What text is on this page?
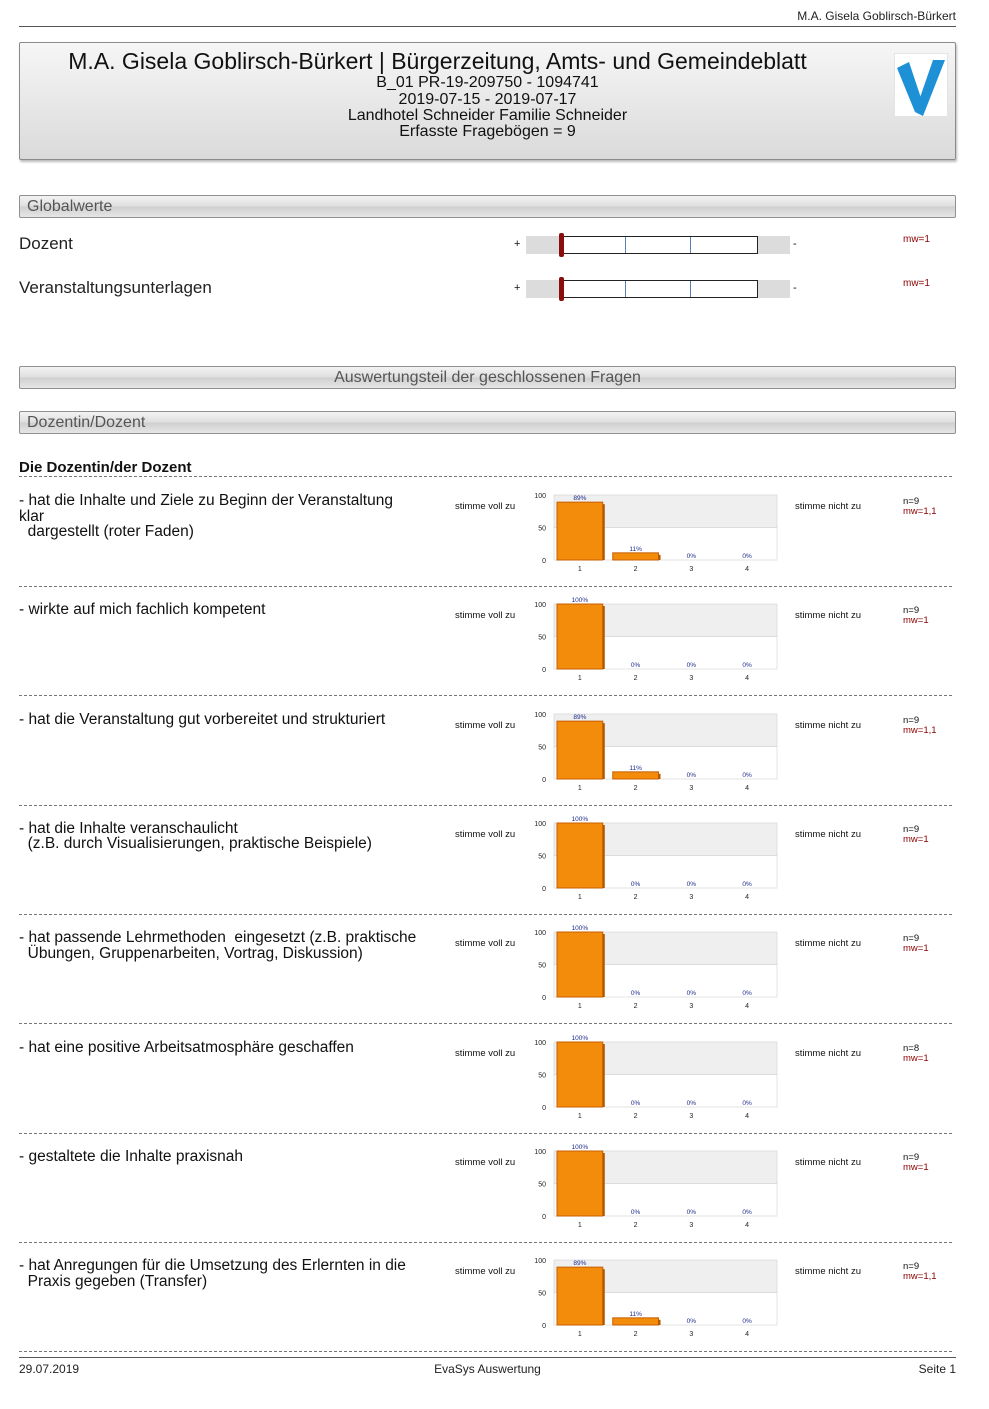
M.A. Gisela Goblirsch-Bürkert
M.A. Gisela Goblirsch-Bürkert | Bürgerzeitung, Amts- und Gemeindeblatt
B_01 PR-19-209750 - 1094741
2019-07-15 - 2019-07-17
Landhotel Schneider Familie Schneider
Erfasste Fragebögen = 9
Globalwerte
Dozent	+	-	mw=1
Veranstaltungsunterlagen	+	-	mw=1
Auswertungsteil der geschlossenen Fragen
Dozentin/Dozent
Die Dozentin/der Dozent
- hat die Inhalte und Ziele zu Beginn der Veranstaltung klar
dargestellt (roter Faden)
stimme voll zu	stimme nicht zu	n=9
mw=1,1
100
50
0
89%
1
11%
2
0%
3
0%
4
- wirkte auf mich fachlich kompetent	stimme voll zu	stimme nicht zu	n=9
mw=1
100
50
0
100%
1
0%
2
0%
3
0%
4
- hat die Veranstaltung gut vorbereitet und strukturiert	stimme voll zu	stimme nicht zu	n=9
mw=1,1
100
50
0
89%
1
11%
2
0%
3
0%
4
- hat die Inhalte veranschaulicht
(z.B. durch Visualisierungen, praktische Beispiele)
stimme voll zu	stimme nicht zu	n=9
mw=1
100
50
0
100%
1
0%
2
0%
3
0%
4
- hat passende Lehrmethoden  eingesetzt (z.B. praktische
Übungen, Gruppenarbeiten, Vortrag, Diskussion)
stimme voll zu	stimme nicht zu	n=9
mw=1
100
50
0
100%
1
0%
2
0%
3
0%
4
- hat eine positive Arbeitsatmosphäre geschaffen	stimme voll zu	stimme nicht zu	n=8
mw=1
100
50
0
100%
1
0%
2
0%
3
0%
4
- gestaltete die Inhalte praxisnah	stimme voll zu	stimme nicht zu	n=9
mw=1
100
50
0
100%
1
0%
2
0%
3
0%
4
- hat Anregungen für die Umsetzung des Erlernten in die
Praxis gegeben (Transfer)
stimme voll zu	stimme nicht zu	n=9
mw=1,1
100
50
0
89%
1
11%
2
0%
3
0%
4
29.07.2019	EvaSys Auswertung	Seite 1
